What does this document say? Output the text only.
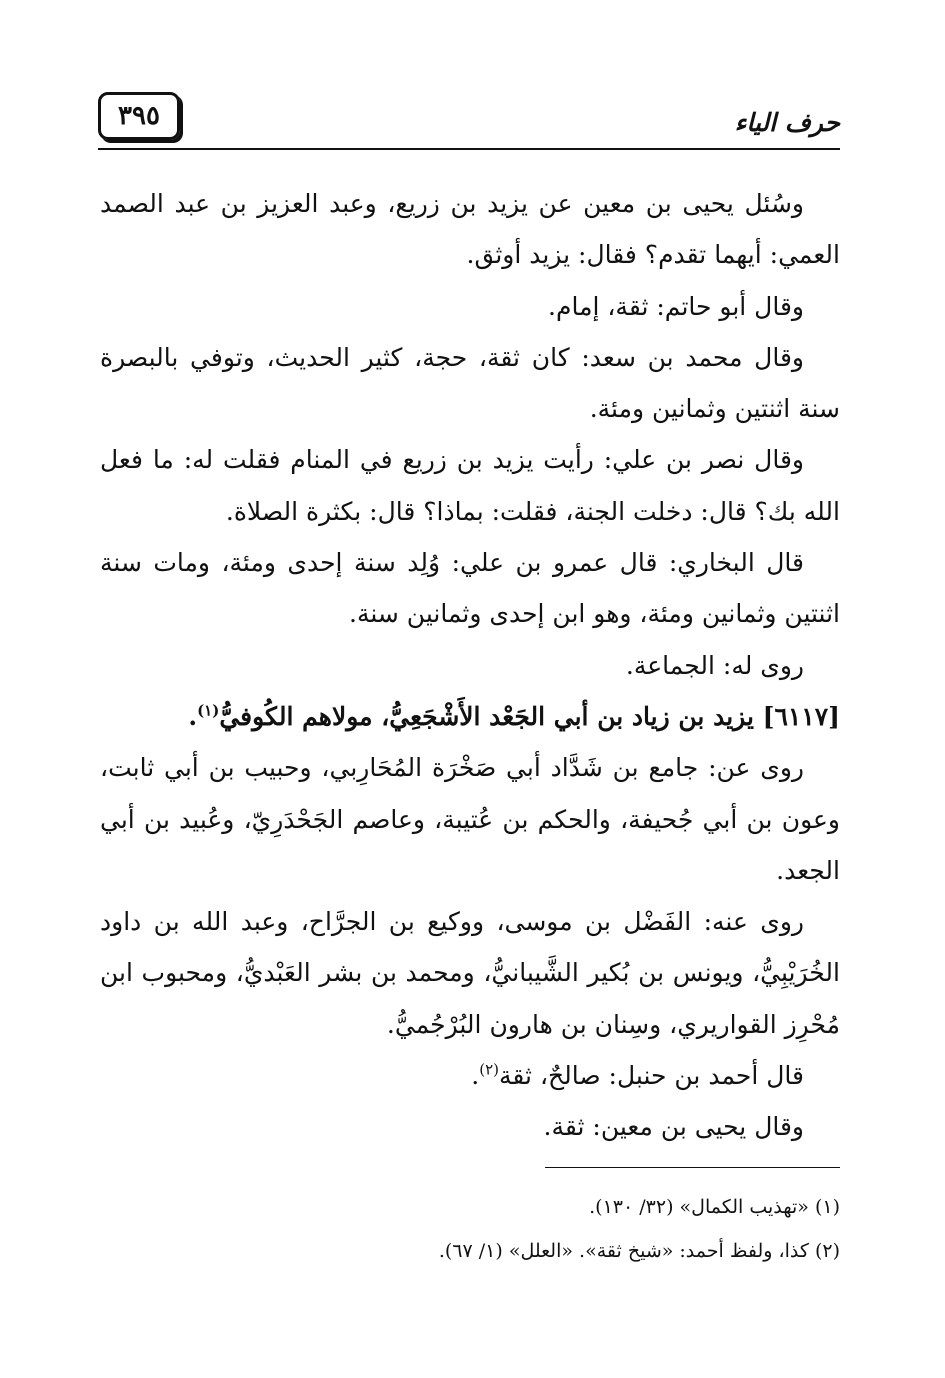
حرف الياء
٣٩٥

وسُئل يحيى بن معين عن يزيد بن زريع، وعبد العزيز بن عبد الصمد العمي: أيهما تقدم؟ فقال: يزيد أوثق.

وقال أبو حاتم: ثقة، إمام.

وقال محمد بن سعد: كان ثقة، حجة، كثير الحديث، وتوفي بالبصرة سنة اثنتين وثمانين ومئة.

وقال نصر بن علي: رأيت يزيد بن زريع في المنام فقلت له: ما فعل الله بك؟ قال: دخلت الجنة، فقلت: بماذا؟ قال: بكثرة الصلاة.

قال البخاري: قال عمرو بن علي: وُلِد سنة إحدى ومئة، ومات سنة اثنتين وثمانين ومئة، وهو ابن إحدى وثمانين سنة.

روى له: الجماعة.

[٦١١٧] يزيد بن زياد بن أبي الجَعْد الأَشْجَعِيُّ، مولاهم الكُوفيُّ$^{(١)}$.

روى عن: جامع بن شَدَّاد أبي صَخْرَة المُحَارِبي، وحبيب بن أبي ثابت، وعون بن أبي جُحيفة، والحكم بن عُتيبة، وعاصم الجَحْدَرِيّ، وعُبيد بن أبي الجعد.

روى عنه: الفَضْل بن موسى، ووكيع بن الجرَّاح، وعبد الله بن داود الخُرَيْبِيُّ، ويونس بن بُكير الشَّيبانيُّ، ومحمد بن بشر العَبْديُّ، ومحبوب ابن مُحْرِز القواريري، وسِنان بن هارون البُرْجُميُّ.

قال أحمد بن حنبل: صالحٌ، ثقة$^{(٢)}$.

وقال يحيى بن معين: ثقة.

(١) «تهذيب الكمال» (٣٢/ ١٣٠).

(٢) كذا، ولفظ أحمد: «شيخ ثقة». «العلل» (١/ ٦٧).
